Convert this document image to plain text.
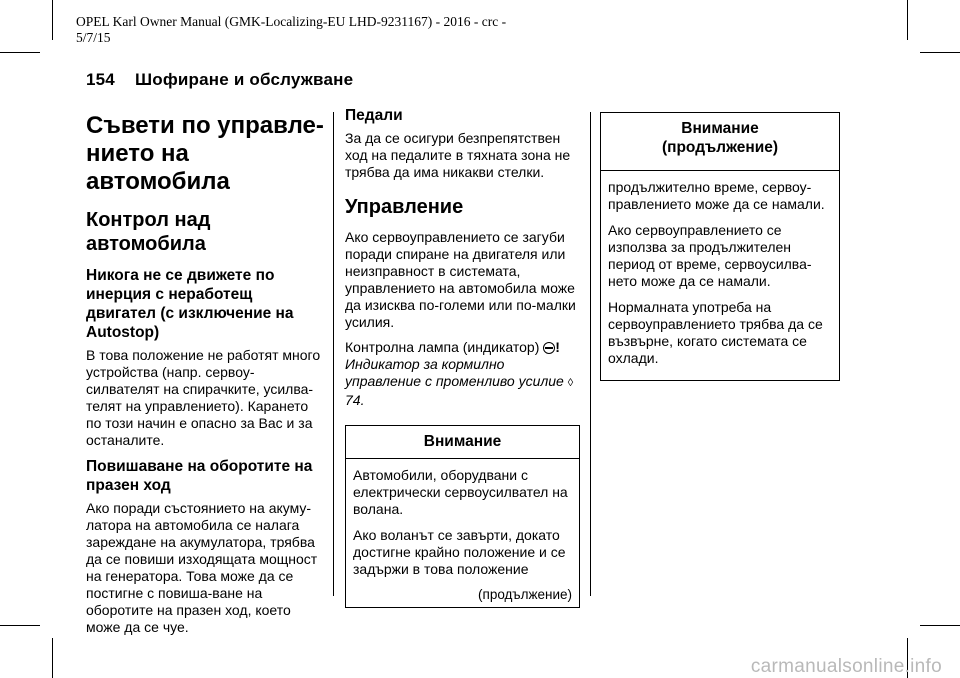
OPEL Karl Owner Manual (GMK-Localizing-EU LHD-9231167) - 2016 - crc -
5/7/15
154 Шофиране и обслужване
Съвети по управле-нието на автомобила
Контрол над автомобила
Никога не се движете по инерция с неработещ двигател (с изключение на Autostop)

В това положение не работят много устройства (напр. сервоу-силвателят на спирачките, усилва-телят на управлението). Карането по този начин е опасно за Вас и за останалите.

Повишаване на оборотите на празен ход

Ако поради състоянието на акуму-латора на автомобила се налага зареждане на акумулатора, трябва да се повиши изходящата мощност на генератора. Това може да се постигне с повиша-ване на оборотите на празен ход, което може да се чуе.

Педали

За да се осигури безпрепятствен ход на педалите в тяхната зона не трябва да има никакви стелки.

Управление

Ако сервоуправлението се загуби поради спиране на двигателя или неизправност в системата, управлението на автомобила може да изисква по-големи или по-малки усилия.

Контролна лампа (индикатор) !
Индикатор за кормилно управление с променливо усилие ◊ 74.

Внимание

Автомобили, оборудвани с електрически сервоусилвател на волана.

Ако воланът се завърти, докато достигне крайно положение и се задържи в това положение

(продължение)
Внимание (продължение)

продължително време, сервоу-правлението може да се намали.

Ако сервоуправлението се използва за продължителен период от време, сервоусилва-нето може да се намали.

Нормалната употреба на сервоуправлението трябва да се възвърне, когато системата се охлади.

carmanualsonline.info
